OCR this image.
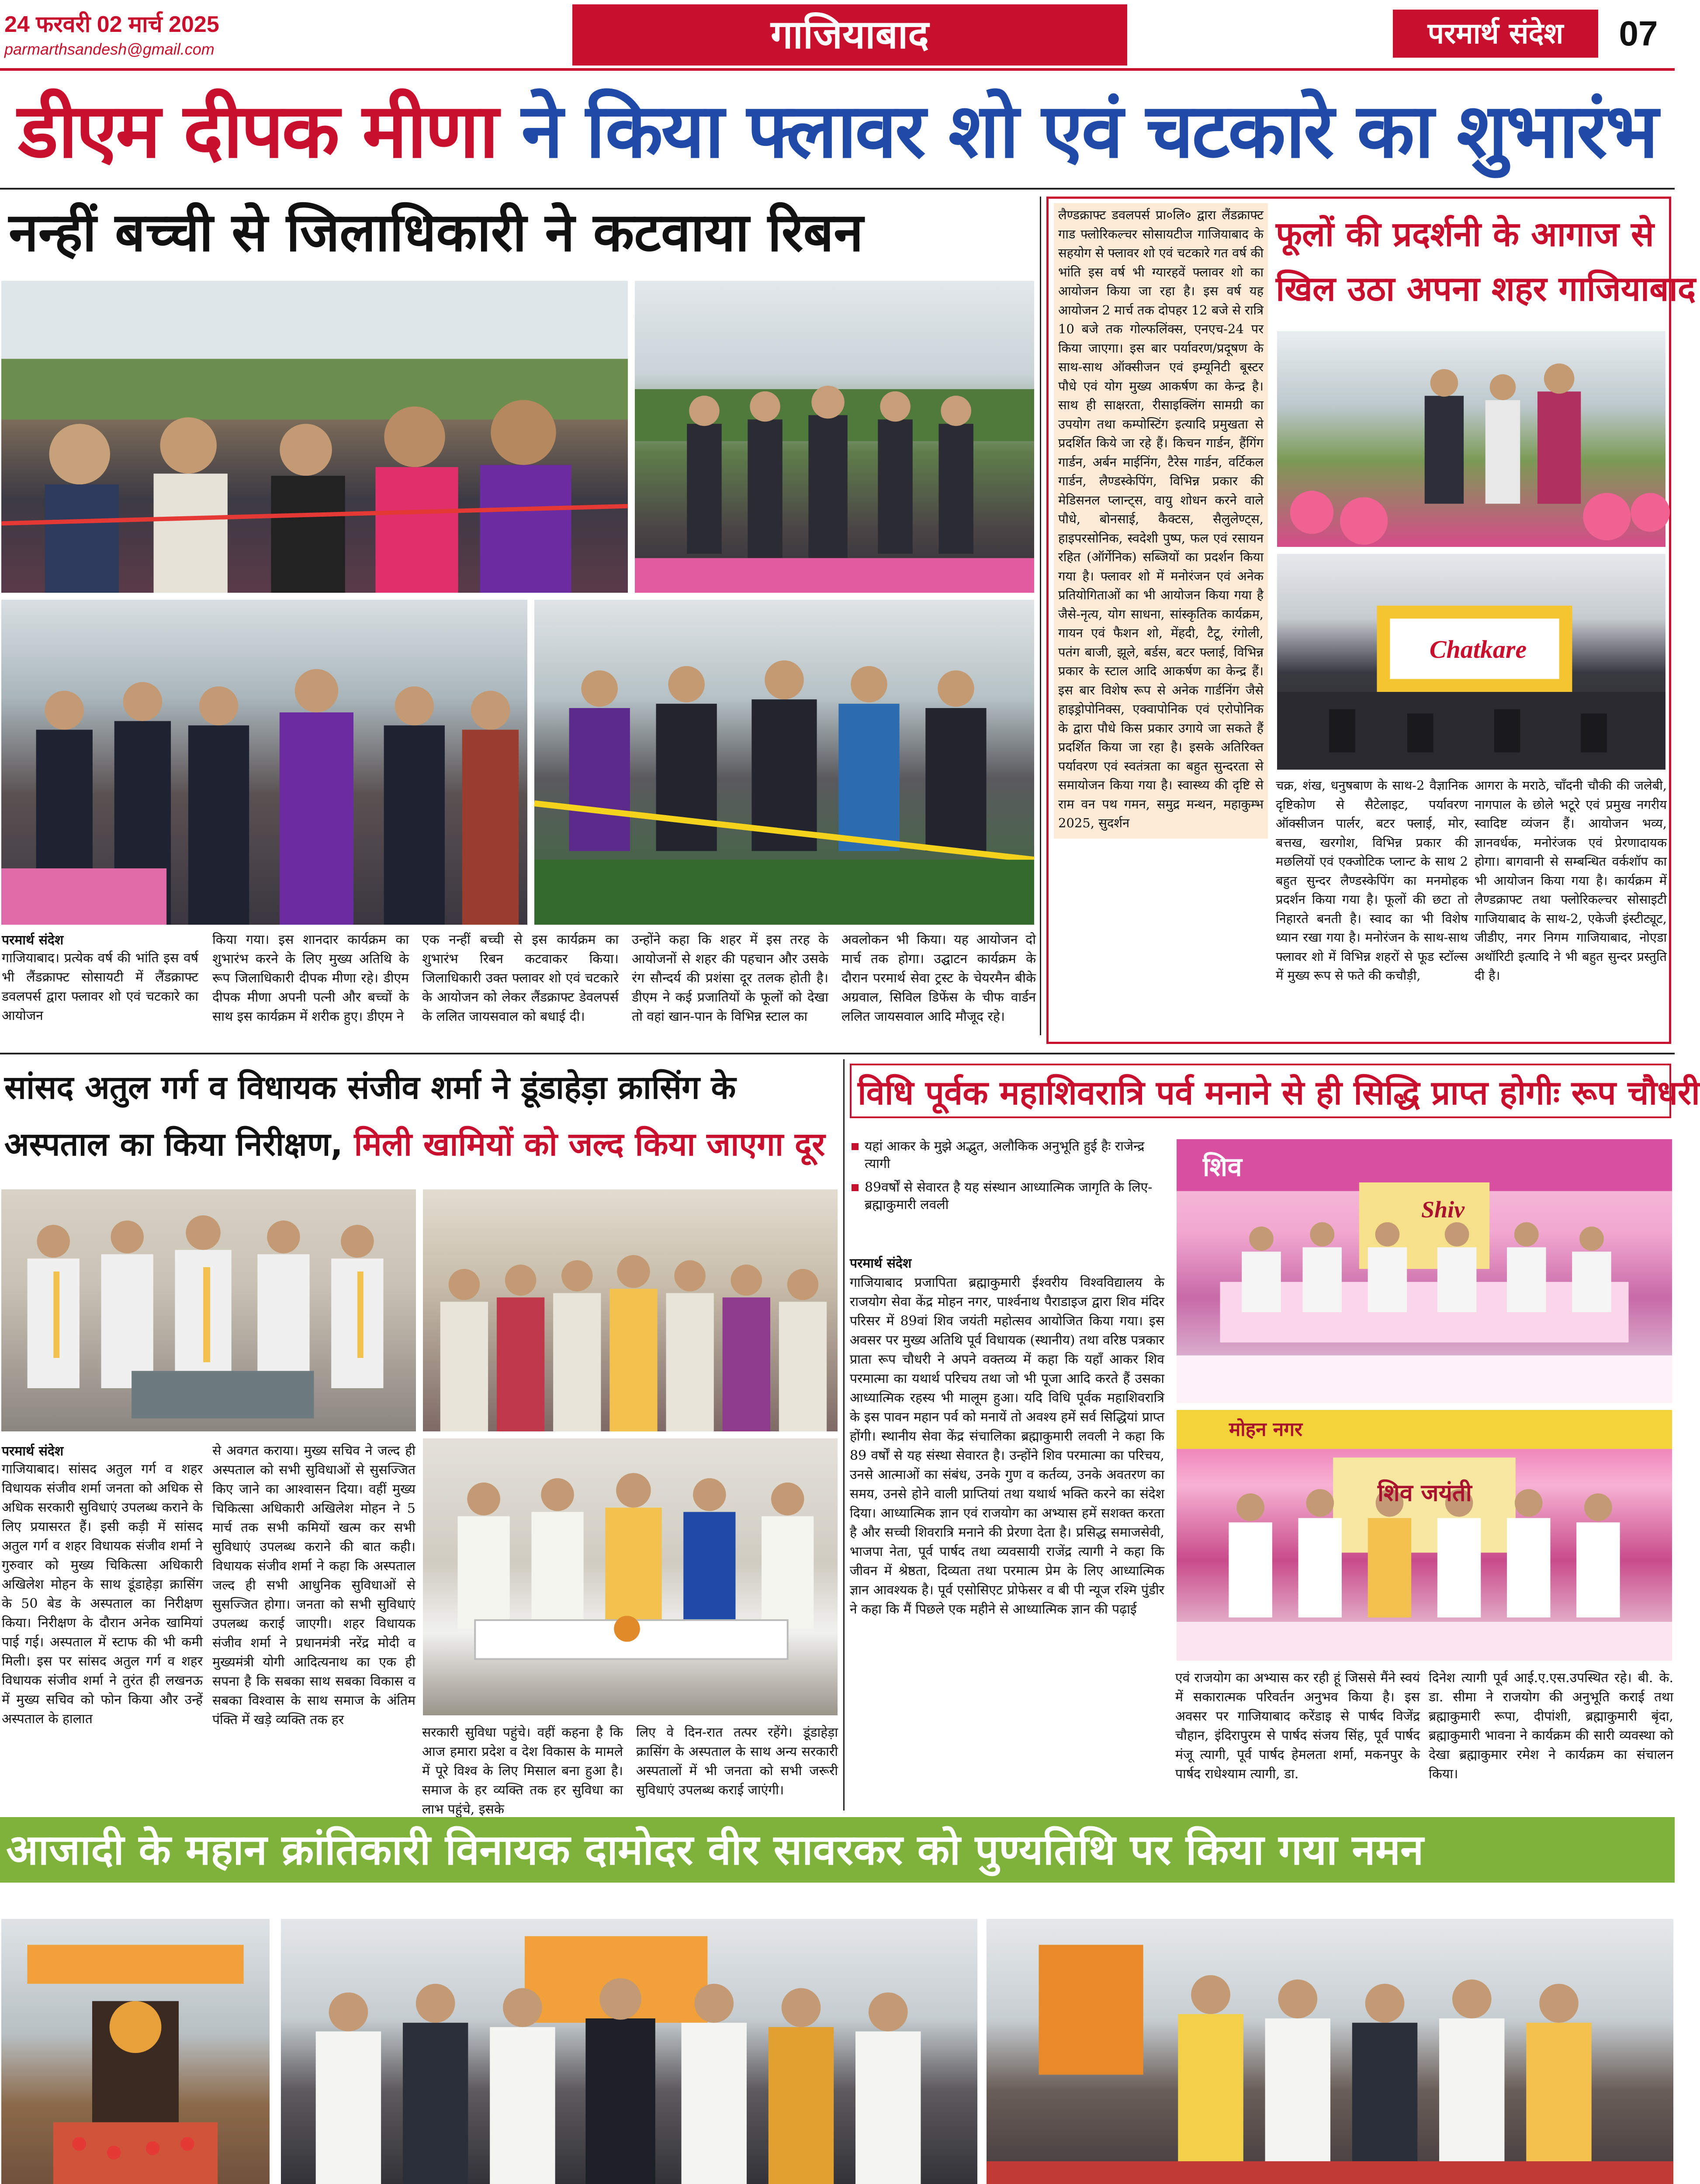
24 फरवरी 02 मार्च 2025
parmarthsandesh@gmail.com	गाजियाबाद	परमार्थ संदेश	07
डीएम दीपक मीणा ने किया फ्लावर शो एवं चटकारे का शुभारंभ
नन्हीं बच्ची से जिलाधिकारी ने कटवाया रिबन
परमार्थ संदेश
गाजियाबाद। प्रत्येक वर्ष की भांति इस वर्ष भी लैंडक्राफ्ट सोसायटी में लैंडक्राफ्ट डवलपर्स द्वारा फ्लावर शो एवं चटकारे का आयोजन
किया गया। इस शानदार कार्यक्रम का शुभारंभ करने के लिए मुख्य अतिथि के रूप जिलाधिकारी दीपक मीणा रहे। डीएम दीपक मीणा अपनी पत्नी और बच्चों के साथ इस कार्यक्रम में शरीक हुए। डीएम ने
एक नन्हीं बच्ची से इस कार्यक्रम का शुभारंभ रिबन कटवाकर किया। जिलाधिकारी उक्त फ्लावर शो एवं चटकारे के आयोजन को लेकर लैंडक्राफ्ट डेवलपर्स के ललित जायसवाल को बधाई दी।
उन्होंने कहा कि शहर में इस तरह के आयोजनों से शहर की पहचान और उसके रंग सौन्दर्य की प्रशंसा दूर तलक होती है। डीएम ने कई प्रजातियों के फूलों को देखा तो वहां खान-पान के विभिन्न स्टाल का
अवलोकन भी किया। यह आयोजन दो मार्च तक होगा। उद्घाटन कार्यक्रम के दौरान परमार्थ सेवा ट्रस्ट के चेयरमैन बीके अग्रवाल, सिविल डिफेंस के चीफ वार्डन ललित जायसवाल आदि मौजूद रहे।
लैण्डक्राफ्ट डवलपर्स प्रा०लि० द्वारा लैंडक्राफ्ट गाड फ्लोरिकल्चर सोसायटीज गाजियाबाद के सहयोग से फ्लावर शो एवं चटकारे गत वर्ष की भांति इस वर्ष भी ग्यारहवें फ्लावर शो का आयोजन किया जा रहा है। इस वर्ष यह आयोजन 2 मार्च तक दोपहर 12 बजे से रात्रि 10 बजे तक गोल्फलिंक्स, एनएच-24 पर किया जाएगा। इस बार पर्यावरण/प्रदूषण के साथ-साथ ऑक्सीजन एवं इम्यूनिटी बूस्टर पौधे एवं योग मुख्य आकर्षण का केन्द्र है। साथ ही साक्षरता, रीसाइक्लिंग सामग्री का उपयोग तथा कम्पोस्टिंग इत्यादि प्रमुखता से प्रदर्शित किये जा रहे हैं। किचन गार्डन, हैंगिंग गार्डन, अर्बन माईनिंग, टैरेस गार्डन, वर्टिकल गार्डन, लैण्डस्केपिंग, विभिन्न प्रकार की मेडिसनल प्लान्ट्स, वायु शोधन करने वाले पौधे, बोनसाई, कैक्टस, सैलुलेण्ट्स, हाइपरसोनिक, स्वदेशी पुष्प, फल एवं रसायन रहित (ऑर्गेनिक) सब्जियों का प्रदर्शन किया गया है। फ्लावर शो में मनोरंजन एवं अनेक प्रतियोगिताओं का भी आयोजन किया गया है जैसे-नृत्य, योग साधना, सांस्कृतिक कार्यक्रम, गायन एवं फैशन शो, मेंहदी, टैटू, रंगोली, पतंग बाजी, झूले, बर्डस, बटर फ्लाई, विभिन्न प्रकार के स्टाल आदि आकर्षण का केन्द्र हैं। इस बार विशेष रूप से अनेक गार्डनिंग जैसे हाइड्रोपोनिक्स, एक्वापोनिक एवं एरोपोनिक के द्वारा पौधे किस प्रकार उगाये जा सकते हैं प्रदर्शित किया जा रहा है। इसके अतिरिक्त पर्यावरण एवं स्वतंत्रता का बहुत सुन्दरता से समायोजन किया गया है। स्वास्थ्य की दृष्टि से राम वन पथ गमन, समुद्र मन्थन, महाकुम्भ 2025, सुदर्शन
फूलों की प्रदर्शनी के आगाज से
खिल उठा अपना शहर गाजियाबाद
Chatkare
चक्र, शंख, धनुषबाण के साथ-2 वैज्ञानिक दृष्टिकोण से सैटेलाइट, पर्यावरण ऑक्सीजन पार्लर, बटर फ्लाई, मोर, बत्तख, खरगोश, विभिन्न प्रकार की मछलियों एवं एक्जोटिक प्लान्ट के साथ 2 बहुत सुन्दर लैण्डस्केपिंग का मनमोहक प्रदर्शन किया गया है। फूलों की छटा तो निहारते बनती है। स्वाद का भी विशेष ध्यान रखा गया है। मनोरंजन के साथ-साथ फ्लावर शो में विभिन्न शहरों से फूड स्टॉल्स में मुख्य रूप से फते की कचौड़ी,
आगरा के मराठे, चाँदनी चौकी की जलेबी, नागपाल के छोले भटूरे एवं प्रमुख नगरीय स्वादिष्ट व्यंजन हैं। आयोजन भव्य, ज्ञानवर्धक, मनोरंजक एवं प्रेरणादायक होगा। बागवानी से सम्बन्धित वर्कशॉप का भी आयोजन किया गया है। कार्यक्रम में लैण्डक्राफ्ट तथा फ्लोरिकल्चर सोसाइटी गाजियाबाद के साथ-2, एकेजी इंस्टीट्यूट, जीडीए, नगर निगम गाजियाबाद, नोएडा अथॉरिटी इत्यादि ने भी बहुत सुन्दर प्रस्तुति दी है।
सांसद अतुल गर्ग व विधायक संजीव शर्मा ने डूंडाहेड़ा क्रासिंग के
अस्पताल का किया निरीक्षण, मिली खामियों को जल्द किया जाएगा दूर
परमार्थ संदेश
गाजियाबाद। सांसद अतुल गर्ग व शहर विधायक संजीव शर्मा जनता को अधिक से अधिक सरकारी सुविधाएं उपलब्ध कराने के लिए प्रयासरत हैं। इसी कड़ी में सांसद अतुल गर्ग व शहर विधायक संजीव शर्मा ने गुरुवार को मुख्य चिकित्सा अधिकारी अखिलेश मोहन के साथ डूंडाहेड़ा क्रासिंग के 50 बेड के अस्पताल का निरीक्षण किया। निरीक्षण के दौरान अनेक खामियां पाई गई। अस्पताल में स्टाफ की भी कमी मिली। इस पर सांसद अतुल गर्ग व शहर विधायक संजीव शर्मा ने तुरंत ही लखनऊ में मुख्य सचिव को फोन किया और उन्हें अस्पताल के हालात
से अवगत कराया। मुख्य सचिव ने जल्द ही अस्पताल को सभी सुविधाओं से सुसज्जित किए जाने का आश्वासन दिया। वहीं मुख्य चिकित्सा अधिकारी अखिलेश मोहन ने 5 मार्च तक सभी कमियों खत्म कर सभी सुविधाएं उपलब्ध कराने की बात कही। विधायक संजीव शर्मा ने कहा कि अस्पताल जल्द ही सभी आधुनिक सुविधाओं से सुसज्जित होगा। जनता को सभी सुविधाएं उपलब्ध कराई जाएगी। शहर विधायक संजीव शर्मा ने प्रधानमंत्री नरेंद्र मोदी व मुख्यमंत्री योगी आदित्यनाथ का एक ही सपना है कि सबका साथ सबका विकास व सबका विश्वास के साथ समाज के अंतिम पंक्ति में खड़े व्यक्ति तक हर
सरकारी सुविधा पहुंचे। वहीं कहना है कि आज हमारा प्रदेश व देश विकास के मामले में पूरे विश्व के लिए मिसाल बना हुआ है। समाज के हर व्यक्ति तक हर सुविधा का लाभ पहुंचे, इसके
लिए वे दिन-रात तत्पर रहेंगे। डूंडाहेड़ा क्रासिंग के अस्पताल के साथ अन्य सरकारी अस्पतालों में भी जनता को सभी जरूरी सुविधाएं उपलब्ध कराई जाएंगी।
विधि पूर्वक महाशिवरात्रि पर्व मनाने से ही सिद्धि प्राप्त होगीः रूप चौधरी
यहां आकर के मुझे अद्भुत, अलौकिक अनुभूति हुई हैः राजेन्द्र त्यागी
89वर्षों से सेवारत है यह संस्थान आध्यात्मिक जागृति के लिए- ब्रह्माकुमारी लवली
परमार्थ संदेश
गाजियाबाद प्रजापिता ब्रह्माकुमारी ईश्वरीय विश्वविद्यालय के राजयोग सेवा केंद्र मोहन नगर, पार्श्वनाथ पैराडाइज द्वारा शिव मंदिर परिसर में 89वां शिव जयंती महोत्सव आयोजित किया गया। इस अवसर पर मुख्य अतिथि पूर्व विधायक (स्थानीय) तथा वरिष्ठ पत्रकार प्राता रूप चौधरी ने अपने वक्तव्य में कहा कि यहाँ आकर शिव परमात्मा का यथार्थ परिचय तथा जो भी पूजा आदि करते हैं उसका आध्यात्मिक रहस्य भी मालूम हुआ। यदि विधि पूर्वक महाशिवरात्रि के इस पावन महान पर्व को मनायें तो अवश्य हमें सर्व सिद्धियां प्राप्त होंगी। स्थानीय सेवा केंद्र संचालिका ब्रह्माकुमारी लवली ने कहा कि 89 वर्षों से यह संस्था सेवारत है। उन्होंने शिव परमात्मा का परिचय, उनसे आत्माओं का संबंध, उनके गुण व कर्तव्य, उनके अवतरण का समय, उनसे होने वाली प्राप्तियां तथा यथार्थ भक्ति करने का संदेश दिया। आध्यात्मिक ज्ञान एवं राजयोग का अभ्यास हमें सशक्त करता है और सच्ची शिवरात्रि मनाने की प्रेरणा देता है। प्रसिद्ध समाजसेवी, भाजपा नेता, पूर्व पार्षद तथा व्यवसायी राजेंद्र त्यागी ने कहा कि जीवन में श्रेष्ठता, दिव्यता तथा परमात्म प्रेम के लिए आध्यात्मिक ज्ञान आवश्यक है। पूर्व एसोसिएट प्रोफेसर व बी पी न्यूज रश्मि पुंडीर ने कहा कि मैं पिछले एक महीने से आध्यात्मिक ज्ञान की पढ़ाई
शिव
Shiv
मोहन नगर
शिव जयंती
एवं राजयोग का अभ्यास कर रही हूं जिससे मैंने स्वयं में सकारात्मक परिवर्तन अनुभव किया है। इस अवसर पर गाजियाबाद करेंडाइ से पार्षद विजेंद्र चौहान, इंदिरापुरम से पार्षद संजय सिंह, पूर्व पार्षद मंजू त्यागी, पूर्व पार्षद हेमलता शर्मा, मकनपुर के पार्षद राधेश्याम त्यागी, डा.
दिनेश त्यागी पूर्व आई.ए.एस.उपस्थित रहे। बी. के. डा. सीमा ने राजयोग की अनुभूति कराई तथा ब्रह्माकुमारी रूपा, दीपांशी, ब्रह्माकुमारी बृंदा, ब्रह्माकुमारी भावना ने कार्यक्रम की सारी व्यवस्था को देखा ब्रह्माकुमार रमेश ने कार्यक्रम का संचालन किया।
आजादी के महान क्रांतिकारी विनायक दामोदर वीर सावरकर को पुण्यतिथि पर किया गया नमन
